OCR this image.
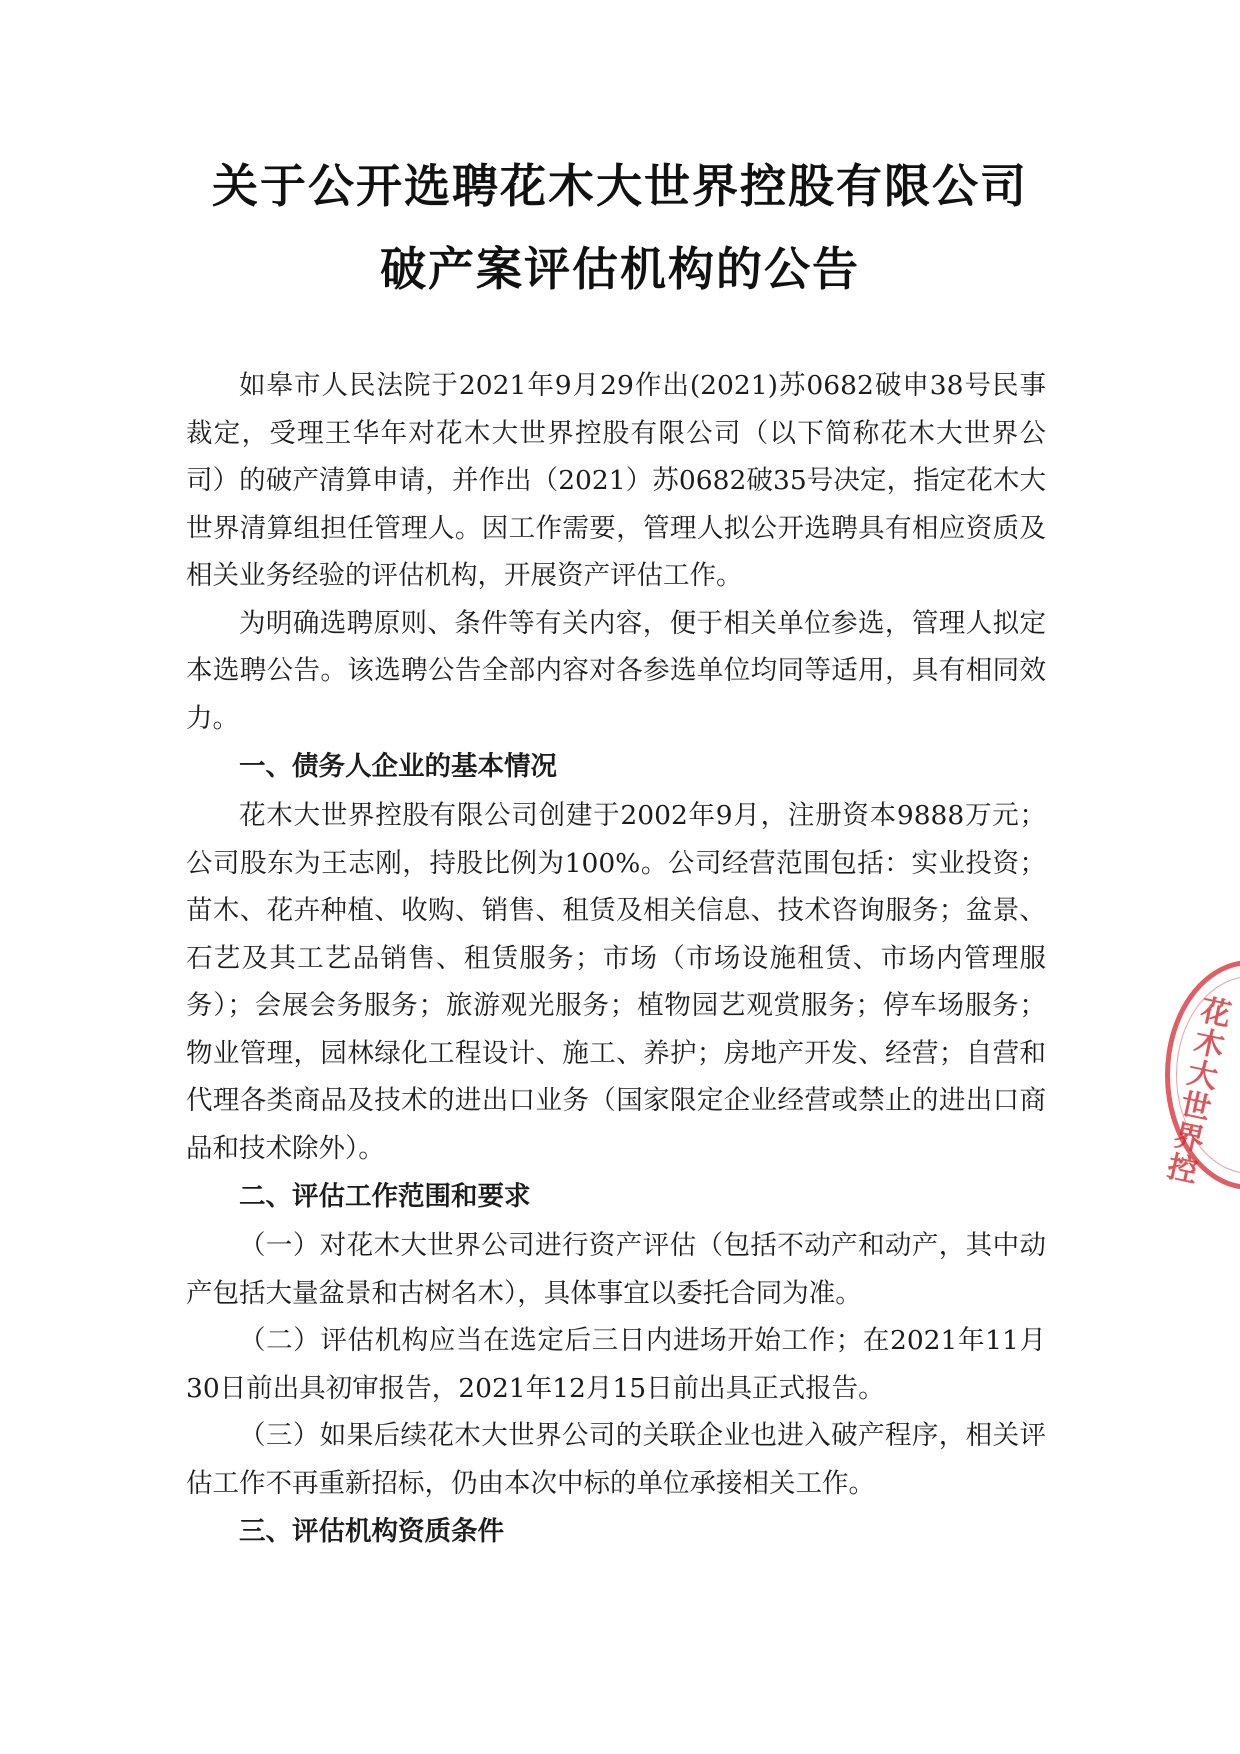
关于公开选聘花木大世界控股有限公司
破产案评估机构的公告

如皋市人民法院于2021年9月29作出(2021)苏0682破申38号民事裁定，受理王华年对花木大世界控股有限公司（以下简称花木大世界公司）的破产清算申请，并作出（2021）苏0682破35号决定，指定花木大世界清算组担任管理人。因工作需要，管理人拟公开选聘具有相应资质及相关业务经验的评估机构，开展资产评估工作。

为明确选聘原则、条件等有关内容，便于相关单位参选，管理人拟定本选聘公告。该选聘公告全部内容对各参选单位均同等适用，具有相同效力。

一、债务人企业的基本情况

花木大世界控股有限公司创建于2002年9月，注册资本9888万元；公司股东为王志刚，持股比例为100%。公司经营范围包括：实业投资；苗木、花卉种植、收购、销售、租赁及相关信息、技术咨询服务；盆景、石艺及其工艺品销售、租赁服务；市场（市场设施租赁、市场内管理服务）；会展会务服务；旅游观光服务；植物园艺观赏服务；停车场服务；物业管理，园林绿化工程设计、施工、养护；房地产开发、经营；自营和代理各类商品及技术的进出口业务（国家限定企业经营或禁止的进出口商品和技术除外）。

二、评估工作范围和要求

（一）对花木大世界公司进行资产评估（包括不动产和动产，其中动产包括大量盆景和古树名木），具体事宜以委托合同为准。

（二）评估机构应当在选定后三日内进场开始工作；在2021年11月30日前出具初审报告，2021年12月15日前出具正式报告。

（三）如果后续花木大世界公司的关联企业也进入破产程序，相关评估工作不再重新招标，仍由本次中标的单位承接相关工作。

三、评估机构资质条件
花木大世界控
